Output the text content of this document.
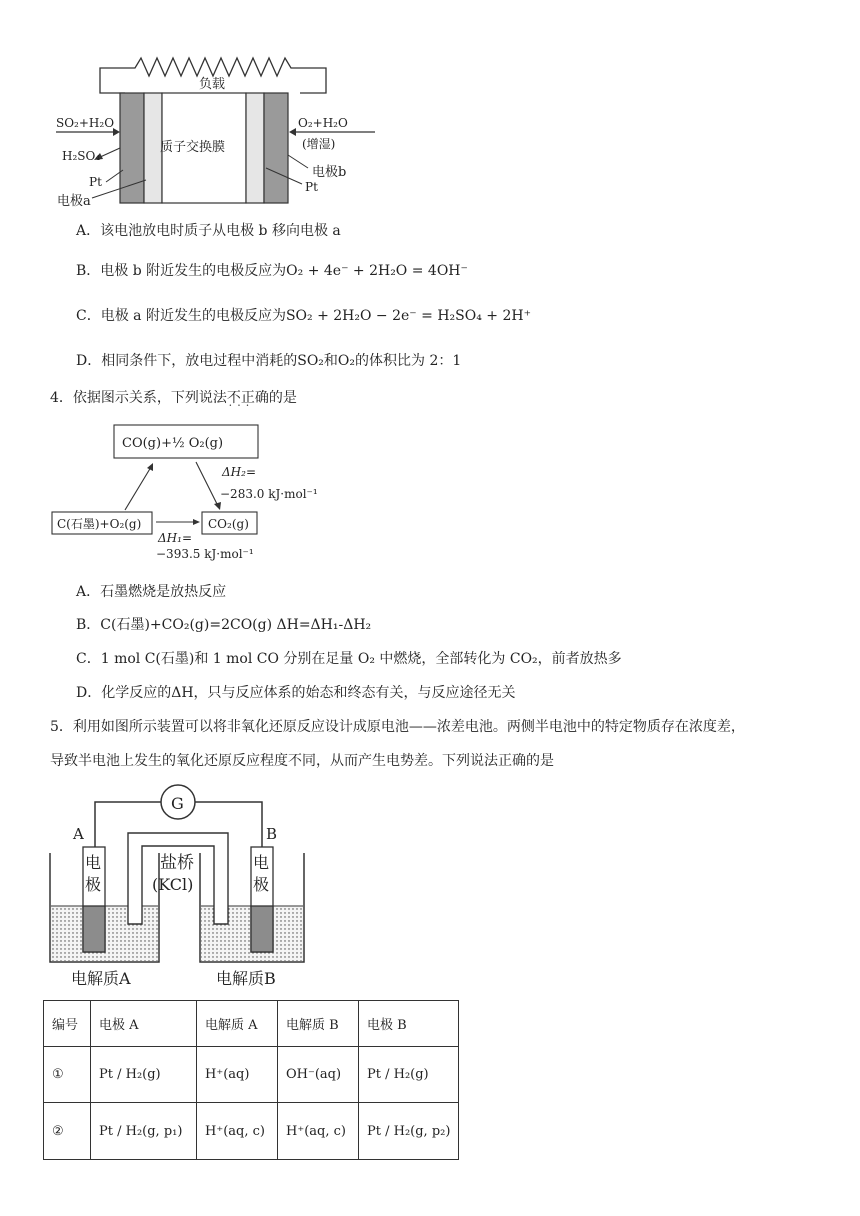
负载
质子交换膜
SO₂+H₂O
H₂SO₄
Pt
电极a
O₂+H₂O
(增湿)
电极b
Pt
A．该电池放电时质子从电极 b 移向电极 a
B．电极 b 附近发生的电极反应为O₂ + 4e⁻ + 2H₂O = 4OH⁻
C．电极 a 附近发生的电极反应为SO₂ + 2H₂O − 2e⁻ = H₂SO₄ + 2H⁺
D．相同条件下，放电过程中消耗的SO₂和O₂的体积比为 2：1
4．依据图示关系，下列说法不正确 • • •的是
CO(g)+½ O₂(g)
C(石墨)+O₂(g)	CO₂(g)
ΔH₂=
−283.0 kJ·mol⁻¹
ΔH₁=
−393.5 kJ·mol⁻¹
A．石墨燃烧是放热反应
B．C(石墨)+CO₂(g)=2CO(g) ΔH=ΔH₁-ΔH₂
C．1 mol C(石墨)和 1 mol CO 分别在足量 O₂ 中燃烧，全部转化为 CO₂，前者放热多
D．化学反应的ΔH，只与反应体系的始态和终态有关，与反应途径无关
5．利用如图所示装置可以将非氧化还原反应设计成原电池——浓差电池。两侧半电池中的特定物质存在浓度差，
导致半电池上发生的氧化还原反应程度不同，从而产生电势差。下列说法正确的是
G
A	B
电
极
电
极
盐桥
(KCl)
电解质A	电解质B
编号	电极 A	电解质 A	电解质 B	电极 B
①	Pt / H₂(g)	H⁺(aq)	OH⁻(aq)	Pt / H₂(g)
②	Pt / H₂(g, p₁)	H⁺(aq, c)	H⁺(aq, c)	Pt / H₂(g, p₂)
